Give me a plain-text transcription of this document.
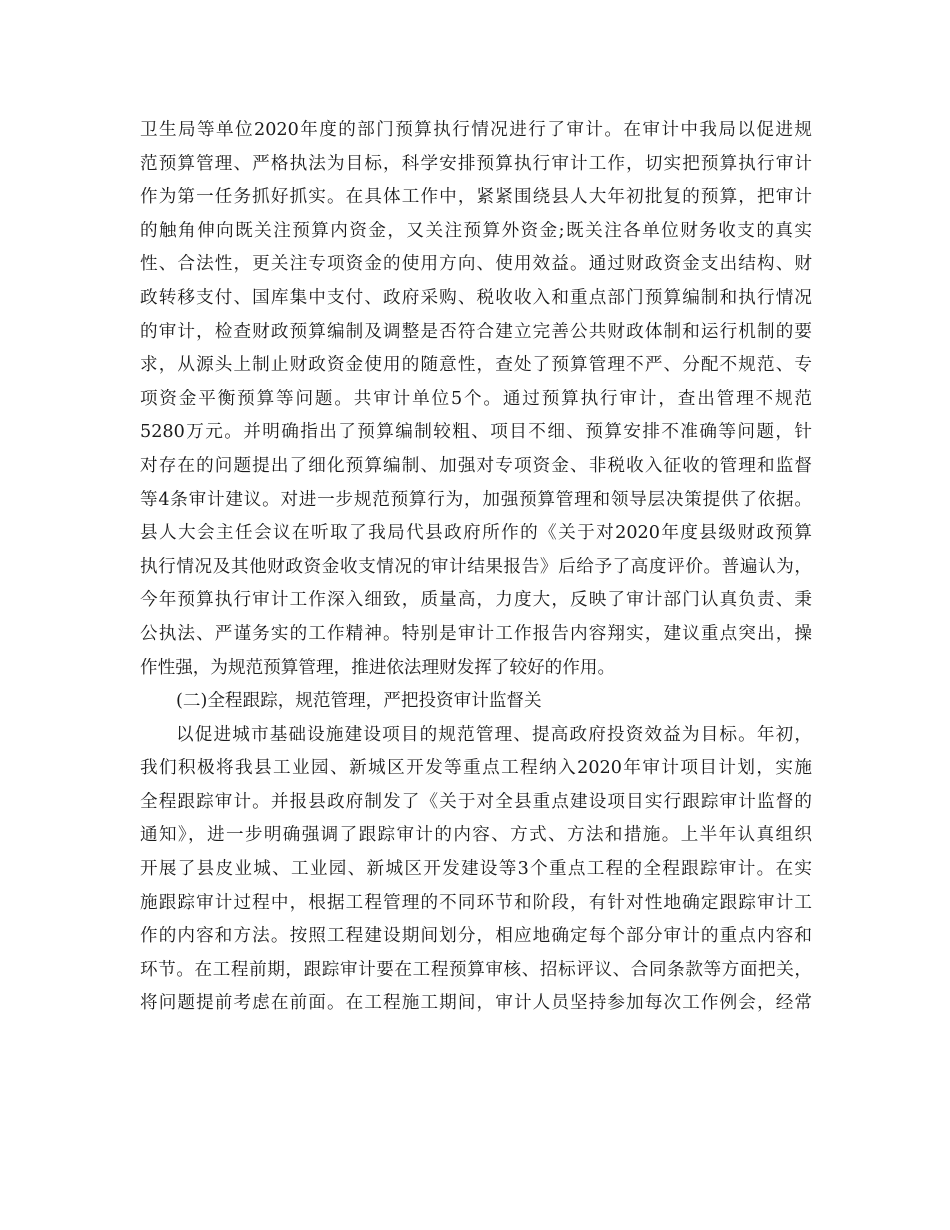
卫生局等单位2020年度的部门预算执行情况进行了审计。在审计中我局以促进规
范预算管理、严格执法为目标，科学安排预算执行审计工作，切实把预算执行审计
作为第一任务抓好抓实。在具体工作中，紧紧围绕县人大年初批复的预算，把审计
的触角伸向既关注预算内资金，又关注预算外资金;既关注各单位财务收支的真实
性、合法性，更关注专项资金的使用方向、使用效益。通过财政资金支出结构、财
政转移支付、国库集中支付、政府采购、税收收入和重点部门预算编制和执行情况
的审计，检查财政预算编制及调整是否符合建立完善公共财政体制和运行机制的要
求，从源头上制止财政资金使用的随意性，查处了预算管理不严、分配不规范、专
项资金平衡预算等问题。共审计单位5个。通过预算执行审计，查出管理不规范
5280万元。并明确指出了预算编制较粗、项目不细、预算安排不准确等问题，针
对存在的问题提出了细化预算编制、加强对专项资金、非税收入征收的管理和监督
等4条审计建议。对进一步规范预算行为，加强预算管理和领导层决策提供了依据。
县人大会主任会议在听取了我局代县政府所作的《关于对2020年度县级财政预算
执行情况及其他财政资金收支情况的审计结果报告》后给予了高度评价。普遍认为，
今年预算执行审计工作深入细致，质量高，力度大，反映了审计部门认真负责、秉
公执法、严谨务实的工作精神。特别是审计工作报告内容翔实，建议重点突出，操
作性强，为规范预算管理，推进依法理财发挥了较好的作用。
(二)全程跟踪，规范管理，严把投资审计监督关
以促进城市基础设施建设项目的规范管理、提高政府投资效益为目标。年初，
我们积极将我县工业园、新城区开发等重点工程纳入2020年审计项目计划，实施
全程跟踪审计。并报县政府制发了《关于对全县重点建设项目实行跟踪审计监督的
通知》，进一步明确强调了跟踪审计的内容、方式、方法和措施。上半年认真组织
开展了县皮业城、工业园、新城区开发建设等3个重点工程的全程跟踪审计。在实
施跟踪审计过程中，根据工程管理的不同环节和阶段，有针对性地确定跟踪审计工
作的内容和方法。按照工程建设期间划分，相应地确定每个部分审计的重点内容和
环节。在工程前期，跟踪审计要在工程预算审核、招标评议、合同条款等方面把关，
将问题提前考虑在前面。在工程施工期间，审计人员坚持参加每次工作例会，经常
